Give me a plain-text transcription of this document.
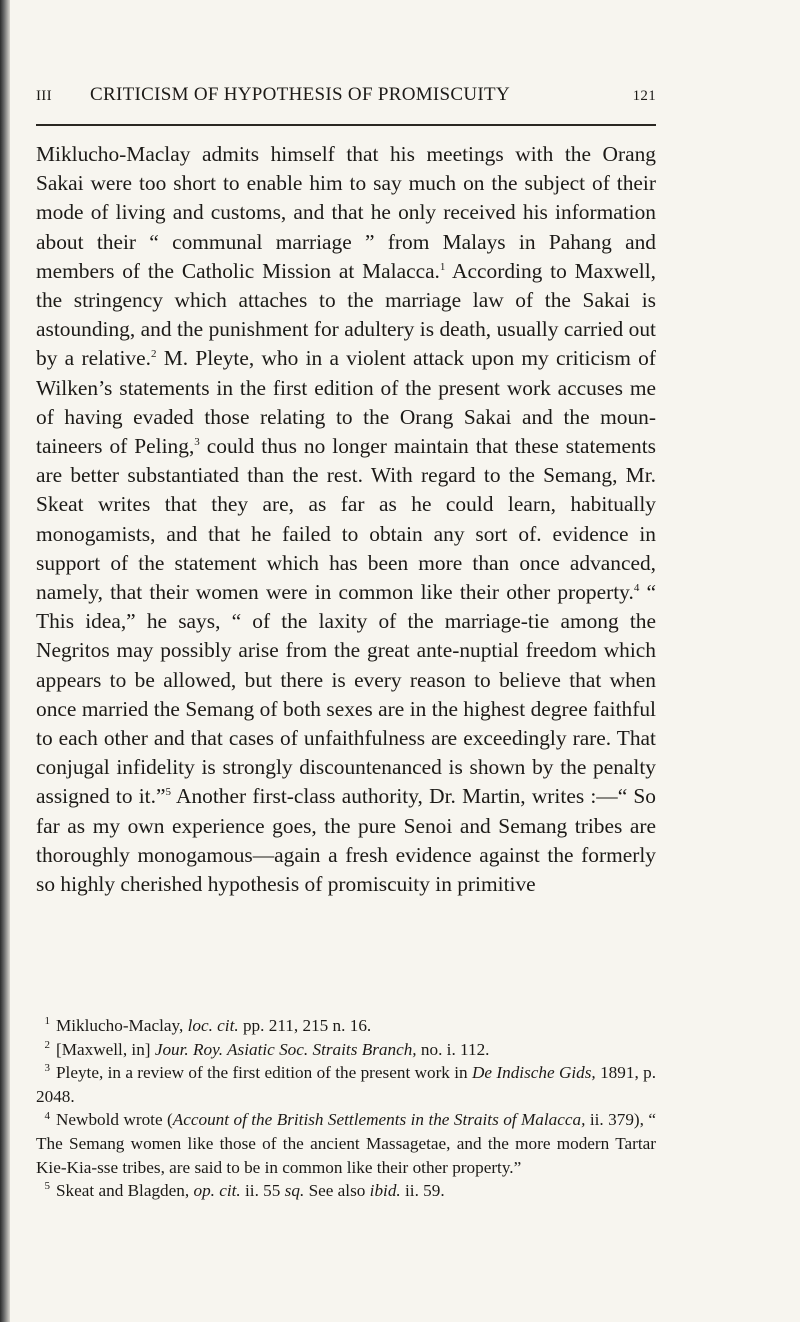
III CRITICISM OF HYPOTHESIS OF PROMISCUITY	121
Miklucho-Maclay admits himself that his meetings with the Orang Sakai were too short to enable him to say much on the subject of their mode of living and customs, and that he only received his information about their “ communal marriage ” from Malays in Pahang and members of the Catholic Mission at Malacca.$^1$ According to Maxwell, the stringency which attaches to the marriage law of the Sakai is astounding, and the punishment for adultery is death, usually carried out by a relative.$^2$ M. Pleyte, who in a violent attack upon my criticism of Wilken’s statements in the first edition of the present work accuses me of having evaded those relating to the Orang Sakai and the moun- taineers of Peling,$^3$ could thus no longer maintain that these statements are better substantiated than the rest. With regard to the Semang, Mr. Skeat writes that they are, as far as he could learn, habitually monogamists, and that he failed to obtain any sort of. evidence in support of the statement which has been more than once advanced, namely, that their women were in common like their other property.$^4$ “ This idea,” he says, “ of the laxity of the marriage-tie among the Negritos may possibly arise from the great ante-nuptial freedom which appears to be allowed, but there is every reason to believe that when once married the Semang of both sexes are in the highest degree faithful to each other and that cases of unfaithfulness are exceedingly rare. That conjugal infidelity is strongly discountenanced is shown by the penalty assigned to it.”$^5$ Another first-class authority, Dr. Martin, writes :—“ So far as my own experience goes, the pure Senoi and Semang tribes are thoroughly monogamous—again a fresh evidence against the formerly so highly cherished hypothesis of promiscuity in primitive

1 Miklucho-Maclay, loc. cit. pp. 211, 215 n. 16.

2 [Maxwell, in] Jour. Roy. Asiatic Soc. Straits Branch, no. i. 112.

3 Pleyte, in a review of the first edition of the present work in De Indische Gids, 1891, p. 2048.

4 Newbold wrote (Account of the British Settlements in the Straits of Malacca, ii. 379), “ The Semang women like those of the ancient Massagetae, and the more modern Tartar Kie-Kia-sse tribes, are said to be in common like their other property.”

5 Skeat and Blagden, op. cit. ii. 55 sq. See also ibid. ii. 59.
